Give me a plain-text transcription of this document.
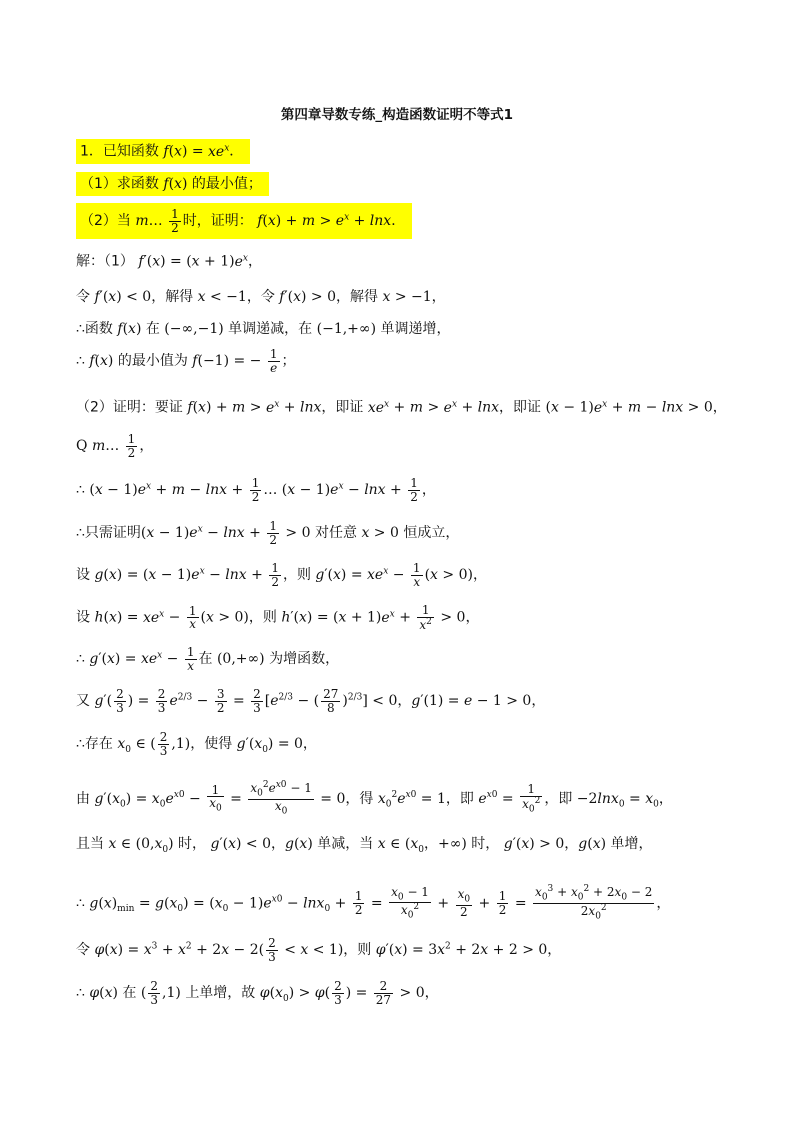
第四章导数专练_构造函数证明不等式1
1．已知函数 $f(x) = xe^x$．
（1）求函数 f(x) 的最小值；
（2）当 m… $\frac{1}{2}$ 时，证明： $f(x) + m > e^x + \ln x$．
解：（1） $f'(x) = (x + 1)e^x$，
令 f′(x) < 0，解得 x < −1，令 f′(x) > 0，解得 x > −1，
∴函数 f(x) 在 (−∞,−1) 单调递减，在 (−1,+∞) 单调递增，
∴ f(x) 的最小值为 f(−1) = − $\frac{1}{e}$ ；
（2）证明：要证 $f(x) + m > e^x + \ln x$，即证 $xe^x + m > e^x + \ln x$，即证 $(x - 1)e^x + m - \ln x > 0$，
Q m… $\frac{1}{2}$ ，
∴ $(x - 1)e^x + m - \ln x + \frac{1}{2}$ … $(x - 1)e^x - \ln x + \frac{1}{2}$ ，
∴只需证明$(x - 1)e^x - \ln x + \frac{1}{2} > 0$ 对任意 x > 0 恒成立，
设 $g(x) = (x - 1)e^x - \ln x + \frac{1}{2}$ ，则 $g'(x) = xe^x - \frac{1}{x} (x > 0)$，
设 $h(x) = xe^x - \frac{1}{x} (x > 0)$，则 $h'(x) = (x + 1)e^x + \frac{1}{x^2} > 0$，
∴ $g'(x) = xe^x - \frac{1}{x}$ 在 (0,+∞) 为增函数，
又 $g'( \frac{2}{3}$ ) = $\frac{2}{3} e^{2/3} - \frac{3}{2} = \frac{2}{3} [e^{2/3}$ − ( $\frac{27}{8} )^{2/3}] < 0$，g′(1) = e − 1 > 0，
∴存在 $x_0$ ∈ ( $\frac{2}{3} ,1$)，使得 $g'(x_0) = 0$，
由 $g'(x_0) = x_0e^{x0} - \frac{1}{x_0} = \frac{x_0^2e^{x0} - 1}{x_0} = 0$，得 $x_0^2e^{x0} = 1$，即 $e^{x0} = \frac{1}{x_0^2}$ ，即 $-2\ln x_0 = x_0$，
且当 x ∈ $(0,x_0)$ 时， g′(x) < 0，g(x) 单减，当 x ∈ ($x_0$，+∞) 时， g′(x) > 0，g(x) 单增，
∴ $g(x)_{min} = g(x_0) = (x_0 - 1)e^{x0} - \ln x_0 + \frac{1}{2} = \frac{x_0 - 1}{x_0^2} + \frac{x_0}{2} + \frac{1}{2} = \frac{x_0^3 + x_0^2 + 2x_0 - 2}{2x_0^2}$ ，
令 $\varphi(x) = x^3 + x^2 + 2x - 2( \frac{2}{3} < x < 1)$，则 $\varphi'(x) = 3x^2 + 2x + 2 > 0$，
∴ φ(x) 在 ( $\frac{2}{3} ,1$) 上单增，故 $\varphi(x_0) > \varphi( \frac{2}{3}$ ) = $\frac{2}{27} > 0$，
